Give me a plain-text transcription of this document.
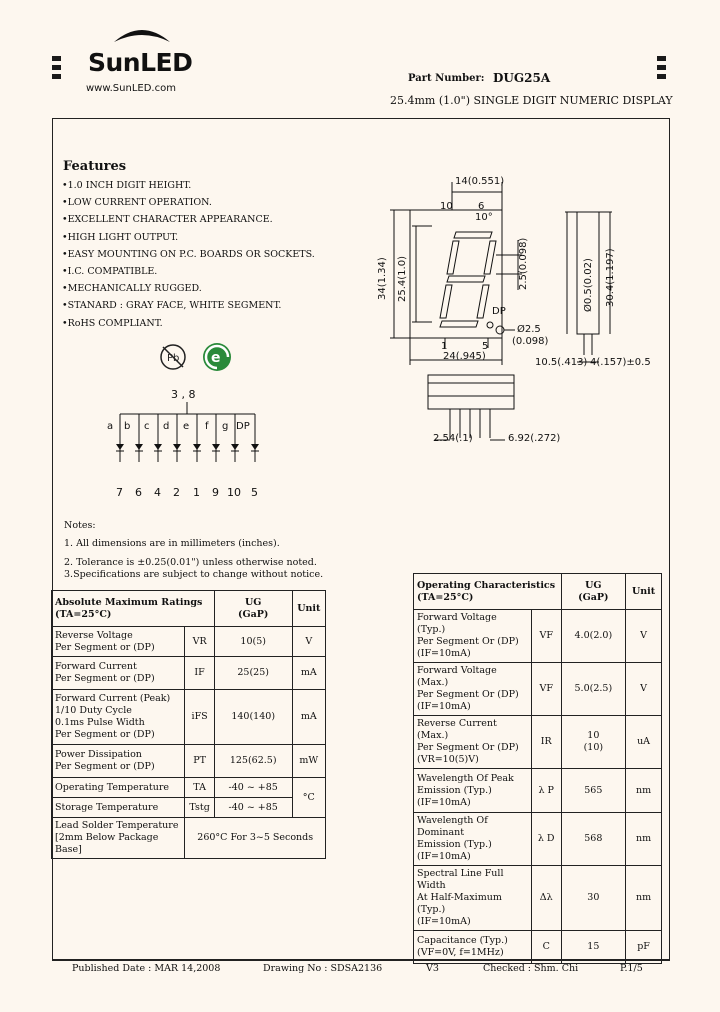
SunLED
www.SunLED.com
Part Number: DUG25A
25.4mm (1.0") SINGLE DIGIT NUMERIC DISPLAY
Features
•1.0 INCH DIGIT HEIGHT.
•LOW CURRENT OPERATION.
•EXCELLENT CHARACTER APPEARANCE.
•HIGH LIGHT OUTPUT.
•EASY MOUNTING ON P.C. BOARDS OR SOCKETS.
•I.C. COMPATIBLE.
•MECHANICALLY RUGGED.
•STANARD : GRAY FACE, WHITE SEGMENT.
•RoHS COMPLIANT.
Pb e
3 , 8
a b c d e f g DP
7 6 4 2 1 9 10 5
14(0.551)
10	6
10°
34(1.34) 25.4(1.0)	2.5(0.098)
DP
Ø2.5
(0.098)
1	5
24(.945)
Ø0.5(0.02) 30.4(1.197)
10.5(.413) 4(.157)±0.5
2.54(.1)	6.92(.272)
Notes:
1. All dimensions are in millimeters (inches).
2. Tolerance is ±0.25(0.01") unless otherwise noted.
3.Specifications are subject to change without notice.
Absolute Maximum Ratings
(TA=25°C)		UG
(GaP)	Unit
Reverse Voltage
Per Segment or (DP)	VR	10(5)	V
Forward Current
Per Segment or (DP)	IF	25(25)	mA
Forward Current (Peak)
1/10 Duty Cycle
0.1ms Pulse Width
Per Segment or (DP)	iFS	140(140)	mA
Power Dissipation
Per Segment or (DP)	PT	125(62.5)	mW
Operating Temperature	TA	-40 ~ +85	°C
Storage Temperature	Tstg	-40 ~ +85	
Lead Solder Temperature
[2mm Below Package Base]	260°C For 3~5 Seconds		
Operating Characteristics
(TA=25°C)		UG
(GaP)	Unit
Forward Voltage (Typ.)
Per Segment Or (DP)
(IF=10mA)	VF	4.0(2.0)	V
Forward Voltage (Max.)
Per Segment Or (DP)
(IF=10mA)	VF	5.0(2.5)	V
Reverse Current (Max.)
Per Segment Or (DP)
(VR=10(5)V)	IR	10
(10)	uA
Wavelength Of Peak
Emission (Typ.)
(IF=10mA)	λ P	565	nm
Wavelength Of Dominant
Emission (Typ.)
(IF=10mA)	λ D	568	nm
Spectral Line Full Width
At Half-Maximum (Typ.)
(IF=10mA)	Δλ	30	nm
Capacitance (Typ.)
(VF=0V, f=1MHz)	C	15	pF
Published Date : MAR 14,2008	Drawing No : SDSA2136	V3	Checked : Shm. Chi	P.1/5
